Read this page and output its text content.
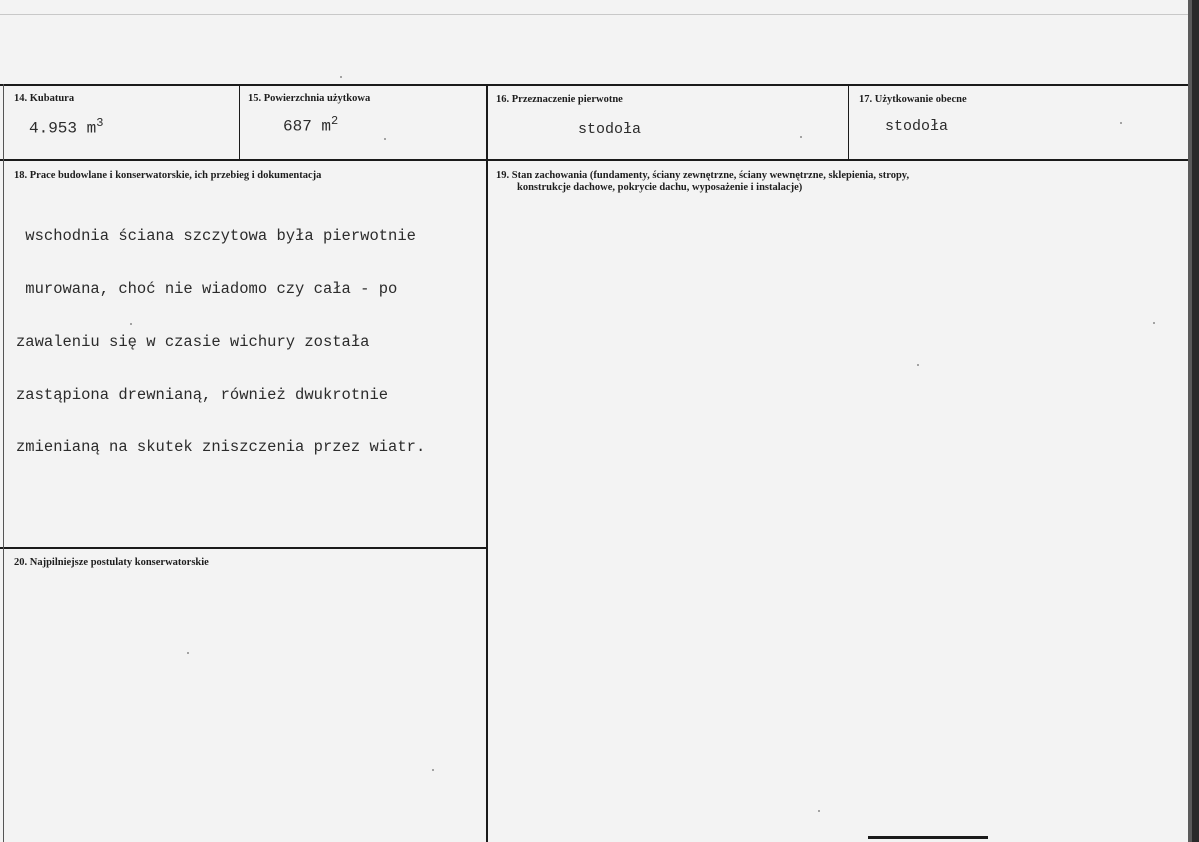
14. Kubatura
4.953 $m^3$
15. Powierzchnia użytkowa
687 $m^2$
16. Przeznaczenie pierwotne
stodoła
17. Użytkowanie obecne
stodoła
18. Prace budowlane i konserwatorskie, ich przebieg i dokumentacja

wschodnia ściana szczytowa była pierwotnie

murowana, choć nie wiadomo czy cała - po

zawaleniu się w czasie wichury została

zastąpiona drewnianą, również dwukrotnie

zmienianą na skutek zniszczenia przez wiatr.

19. Stan zachowania (fundamenty, ściany zewnętrzne, ściany wewnętrzne, sklepienia, stropy,
konstrukcje dachowe, pokrycie dachu, wyposażenie i instalacje)
20. Najpilniejsze postulaty konserwatorskie
